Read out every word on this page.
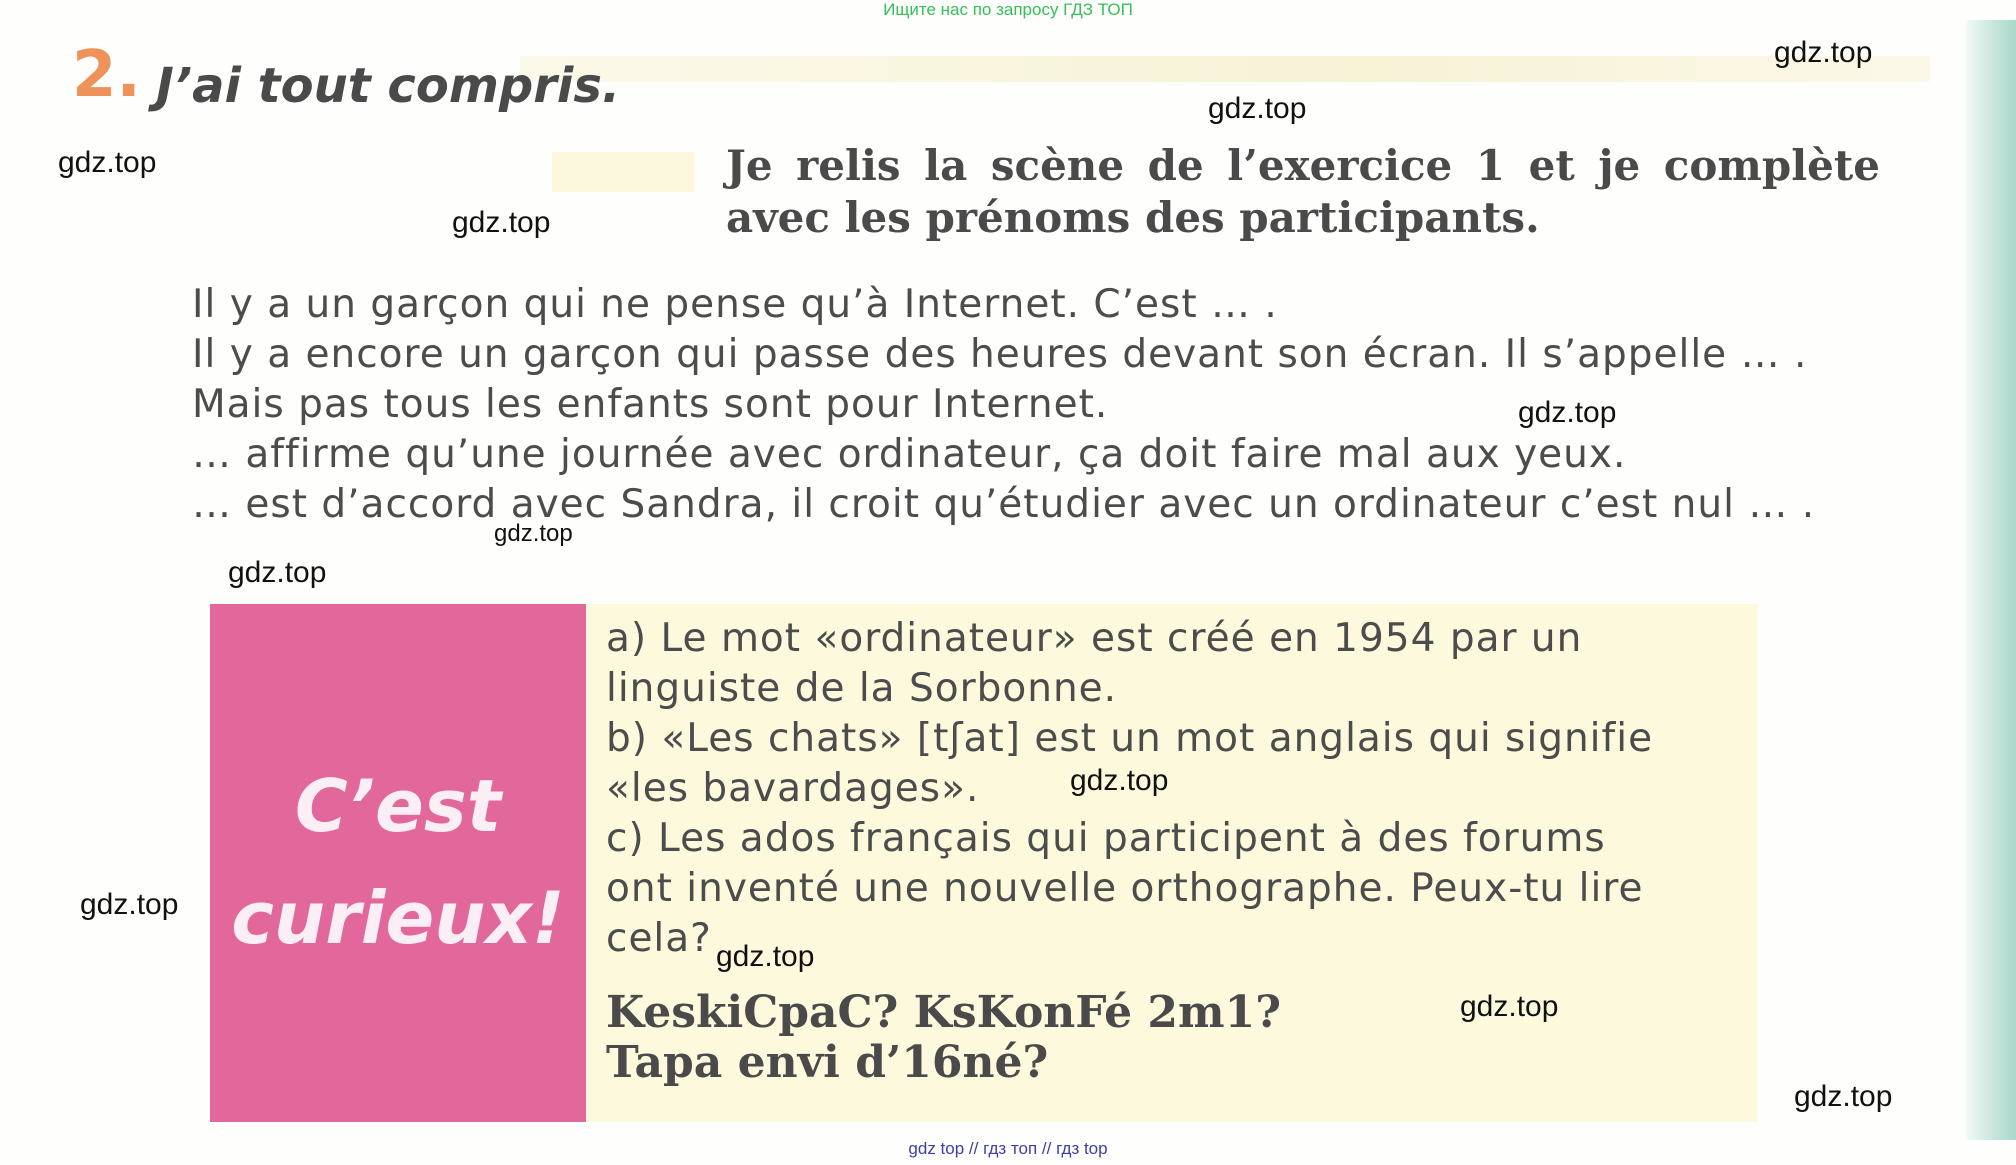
Ищите нас по запросу ГДЗ ТОП
2. J’ai tout compris.
Je relis la scène de l’exercice 1 et je complète
avec les prénoms des participants.
Il y a un garçon qui ne pense qu’à Internet. C’est … .
Il y a encore un garçon qui passe des heures devant son écran. Il s’appelle … .
Mais pas tous les enfants sont pour Internet.
… affirme qu’une journée avec ordinateur, ça doit faire mal aux yeux.
… est d’accord avec Sandra, il croit qu’étudier avec un ordinateur c’est nul … .
C’est
curieux!
a) Le mot «ordinateur» est créé en 1954 par un
linguiste de la Sorbonne.
b) «Les chats» [tʃat] est un mot anglais qui signifie
«les bavardages».
c) Les ados français qui participent à des forums
ont inventé une nouvelle orthographe. Peux-tu lire
cela?
KeskiCpaC? KsKonFé 2m1?
Tapa envi d’16né?
gdz.top
gdz.top
gdz.top
gdz.top
gdz.top
gdz.top
gdz.top
gdz.top
gdz.top
gdz.top
gdz.top
gdz.top
gdz top // гдз топ // гдз top
